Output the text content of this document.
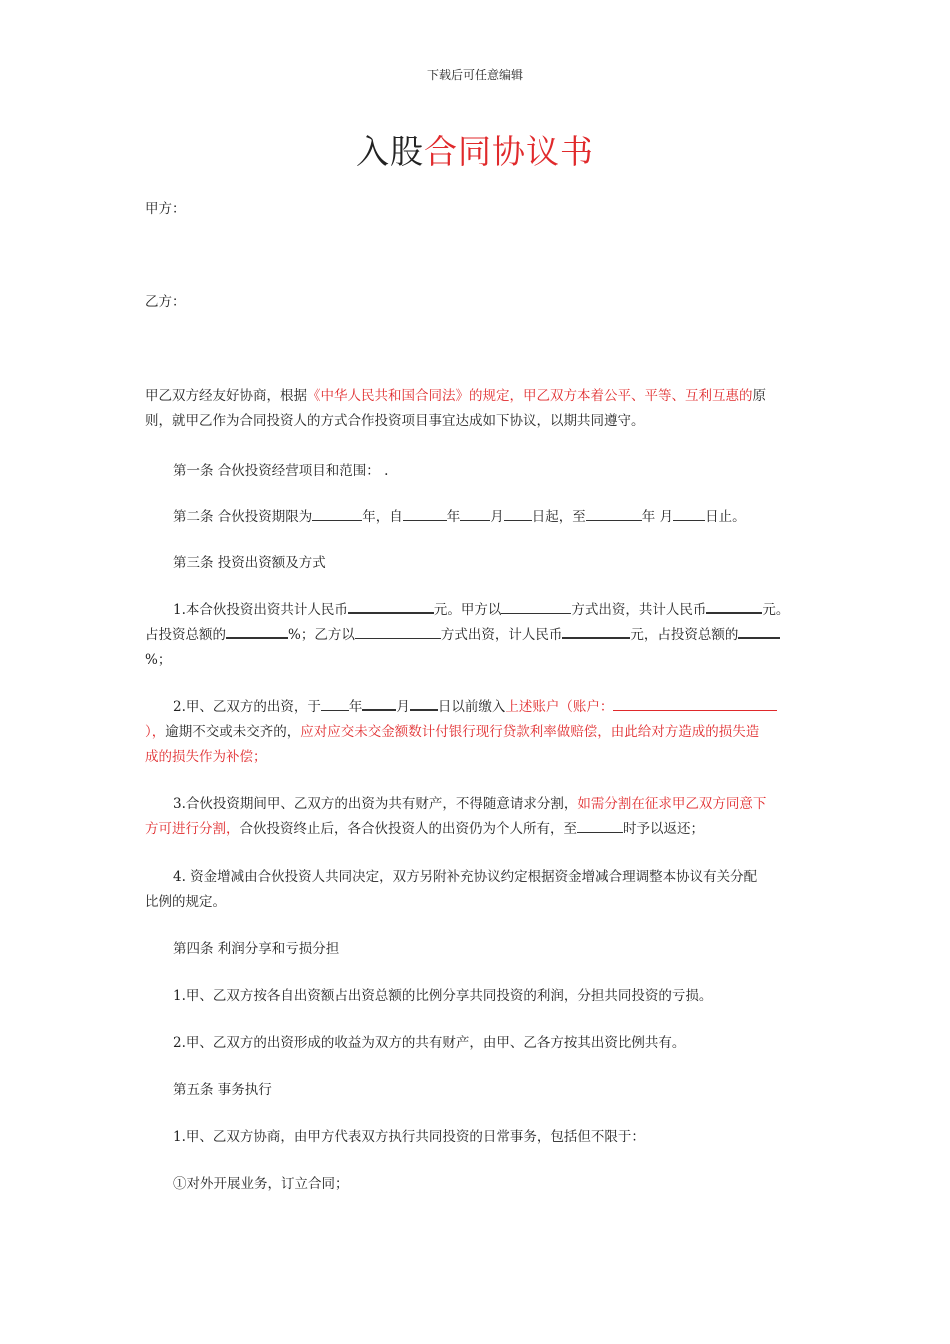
下载后可任意编辑
入股合同协议书
甲方：
乙方：
甲乙双方经友好协商，根据《中华人民共和国合同法》的规定，甲乙双方本着公平、平等、互利互惠的原
则，就甲乙作为合同投资人的方式合作投资项目事宜达成如下协议，以期共同遵守。
第一条 合伙投资经营项目和范围： .
第二条 合伙投资期限为	年，自	年 月 日起，至	年 月 日止。
第三条 投资出资额及方式
1.本合伙投资出资共计人民币	元。甲方以	方式出资，共计人民币	元。
占投资总额的	%；乙方以	方式出资，计人民币	元，占投资总额的
%；
2.甲、乙双方的出资，于 年	月 日以前缴入上述账户（账户：
），逾期不交或未交齐的，应对应交未交金额数计付银行现行贷款利率做赔偿，由此给对方造成的损失造
成的损失作为补偿；
3.合伙投资期间甲、乙双方的出资为共有财产，不得随意请求分割，如需分割在征求甲乙双方同意下
方可进行分割，合伙投资终止后，各合伙投资人的出资仍为个人所有，至	时予以返还；
4. 资金增减由合伙投资人共同决定，双方另附补充协议约定根据资金增减合理调整本协议有关分配
比例的规定。
第四条 利润分享和亏损分担
1.甲、乙双方按各自出资额占出资总额的比例分享共同投资的利润，分担共同投资的亏损。
2.甲、乙双方的出资形成的收益为双方的共有财产，由甲、乙各方按其出资比例共有。
第五条 事务执行
1.甲、乙双方协商，由甲方代表双方执行共同投资的日常事务，包括但不限于：
①对外开展业务，订立合同；
